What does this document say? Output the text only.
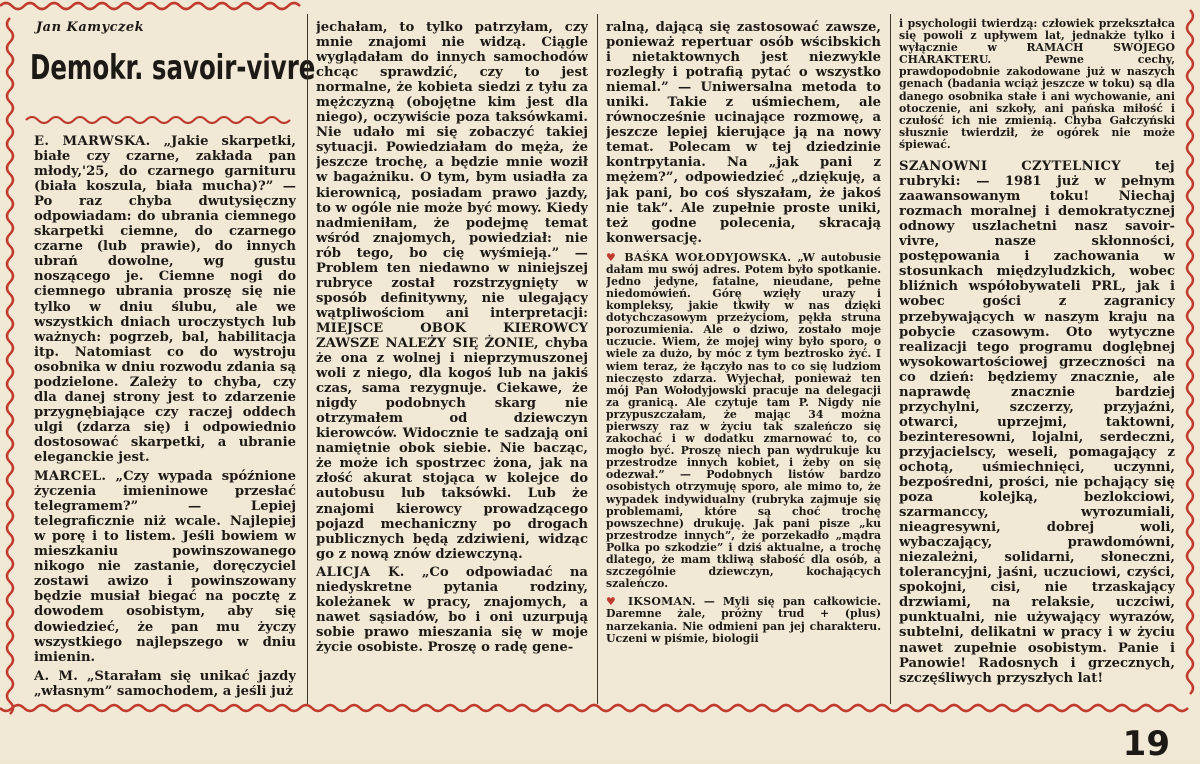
Jan Kamyczek
Demokr. savoir-vivre

E. MARWSKA. „Jakie skarpetki, białe czy czarne, zakłada pan młody,'25, do czarnego garnituru (biała koszula, biała mucha)?” — Po raz chyba dwutysięczny odpowiadam: do ubrania ciemnego skarpetki ciemne, do czarnego czarne (lub prawie), do innych ubrań dowolne, wg gustu noszącego je. Ciemne nogi do ciemnego ubrania proszę się nie tylko w dniu ślubu, ale we wszystkich dniach uroczystych lub ważnych: pogrzeb, bal, habilitacja itp. Natomiast co do wystroju osobnika w dniu rozwodu zdania są podzielone. Zależy to chyba, czy dla danej strony jest to zdarzenie przygnębiające czy raczej oddech ulgi (zdarza się) i odpowiednio dostosować skarpetki, a ubranie eleganckie jest.

MARCEL. „Czy wypada spóźnione życzenia imieninowe przesłać telegramem?” — Lepiej telegraficznie niż wcale. Najlepiej w porę i to listem. Jeśli bowiem w mieszkaniu powinszowanego nikogo nie zastanie, doręczyciel zostawi awizo i powinszowany będzie musiał biegać na pocztę z dowodem osobistym, aby się dowiedzieć, że pan mu życzy wszystkiego najlepszego w dniu imienin.

A. M. „Starałam się unikać jazdy „własnym” samochodem, a jeśli już

jechałam, to tylko patrzyłam, czy mnie znajomi nie widzą. Ciągle wyglądałam do innych samochodów chcąc sprawdzić, czy to jest normalne, że kobieta siedzi z tyłu za mężczyzną (obojętne kim jest dla niego), oczywiście poza taksówkami. Nie udało mi się zobaczyć takiej sytuacji. Powiedziałam do męża, że jeszcze trochę, a będzie mnie woził w bagażniku. O tym, bym usiadła za kierownicą, posiadam prawo jazdy, to w ogóle nie może być mowy. Kiedy nadmieniłam, że podejmę temat wśród znajomych, powiedział: nie rób tego, bo cię wyśmieją.” — Problem ten niedawno w niniejszej rubryce został rozstrzygnięty w sposób definitywny, nie ulegający wątpliwościom ani interpretacji: MIEJSCE OBOK KIEROWCY ZAWSZE NALEŻY SIĘ ŻONIE, chyba że ona z wolnej i nieprzymuszonej woli z niego, dla kogoś lub na jakiś czas, sama rezygnuje. Ciekawe, że nigdy podobnych skarg nie otrzymałem od dziewczyn kierowców. Widocznie te sadzają oni namiętnie obok siebie. Nie bacząc, że może ich spostrzec żona, jak na złość akurat stojąca w kolejce do autobusu lub taksówki. Lub że znajomi kierowcy prowadzącego pojazd mechaniczny po drogach publicznych będą zdziwieni, widząc go z nową znów dziewczyną.

ALICJA K. „Co odpowiadać na niedyskretne pytania rodziny, koleżanek w pracy, znajomych, a nawet sąsiadów, bo i oni uzurpują sobie prawo mieszania się w moje życie osobiste. Proszę o radę gene-

ralną, dającą się zastosować zawsze, ponieważ repertuar osób wścibskich i nietaktownych jest niezwykle rozległy i potrafią pytać o wszystko niemal.” — Uniwersalna metoda to uniki. Takie z uśmiechem, ale równocześnie ucinające rozmowę, a jeszcze lepiej kierujące ją na nowy temat. Polecam w tej dziedzinie kontrpytania. Na „jak pani z mężem?”, odpowiedzieć „dziękuję, a jak pani, bo coś słyszałam, że jakoś nie tak”. Ale zupełnie proste uniki, też godne polecenia, skracają konwersację.

♥ BAŚKA WOŁODYJOWSKA. „W autobusie dałam mu swój adres. Potem było spotkanie. Jedno jedyne, fatalne, nieudane, pełne niedomówień. Górę wzięły urazy i kompleksy, jakie tkwiły w nas dzięki dotychczasowym przeżyciom, pękła struna porozumienia. Ale o dziwo, zostało moje uczucie. Wiem, że mojej winy było sporo, o wiele za dużo, by móc z tym beztrosko żyć. I wiem teraz, że łączyło nas to co się ludziom nieczęsto zdarza. Wyjechał, ponieważ ten mój Pan Wołodyjowski pracuje na delegacji za granicą. Ale czytuje tam P. Nigdy nie przypuszczałam, że mając 34 można pierwszy raz w życiu tak szaleńczo się zakochać i w dodatku zmarnować to, co mogło być. Proszę niech pan wydrukuje ku przestrodze innych kobiet, i żeby on się odezwał.” — Podobnych listów bardzo osobistych otrzymuję sporo, ale mimo to, że wypadek indywidualny (rubryka zajmuje się problemami, które są choć trochę powszechne) drukuję. Jak pani pisze „ku przestrodze innych”, że porzekadło „mądra Polka po szkodzie” i dziś aktualne, a trochę dlatego, że mam tkliwą słabość dla osób, a szczególnie dziewczyn, kochających szaleńczo.

♥ IKSOMAN. — Myli się pan całkowicie. Daremne żale, próżny trud + (plus) narzekania. Nie odmieni pan jej charakteru. Uczeni w piśmie, biologii

i psychologii twierdzą: człowiek przekształca się powoli z upływem lat, jednakże tylko i wyłącznie w RAMACH SWOJEGO CHARAKTERU. Pewne cechy, prawdopodobnie zakodowane już w naszych genach (badania wciąż jeszcze w toku) są dla danego osobnika stałe i ani wychowanie, ani otoczenie, ani szkoły, ani pańska miłość i czułość ich nie zmienią. Chyba Gałczyński słusznie twierdził, że ogórek nie może śpiewać.

SZANOWNI CZYTELNICY tej rubryki: — 1981 już w pełnym zaawansowanym toku! Niechaj rozmach moralnej i demokratycznej odnowy uszlachetni nasz savoir-vivre, nasze skłonności, postępowania i zachowania w stosunkach międzyludzkich, wobec bliźnich współobywateli PRL, jak i wobec gości z zagranicy przebywających w naszym kraju na pobycie czasowym. Oto wytyczne realizacji tego programu doglębnej wysokowartościowej grzeczności na co dzień: będziemy znacznie, ale naprawdę znacznie bardziej przychylni, szczerzy, przyjaźni, otwarci, uprzejmi, taktowni, bezinteresowni, lojalni, serdeczni, przyjacielscy, weseli, pomagający z ochotą, uśmiechnięci, uczynni, bezpośredni, prości, nie pchający się poza kolejką, bezlokciowi, szarmanccy, wyrozumiali, nieagresywni, dobrej woli, wybaczający, prawdomówni, niezależni, solidarni, słoneczni, tolerancyjni, jaśni, uczuciowi, czyści, spokojni, cisi, nie trzaskający drzwiami, na relaksie, uczciwi, punktualni, nie używający wyrazów, subtelni, delikatni w pracy i w życiu nawet zupełnie osobistym. Panie i Panowie! Radosnych i grzecznych, szczęśliwych przyszłych lat!

19
